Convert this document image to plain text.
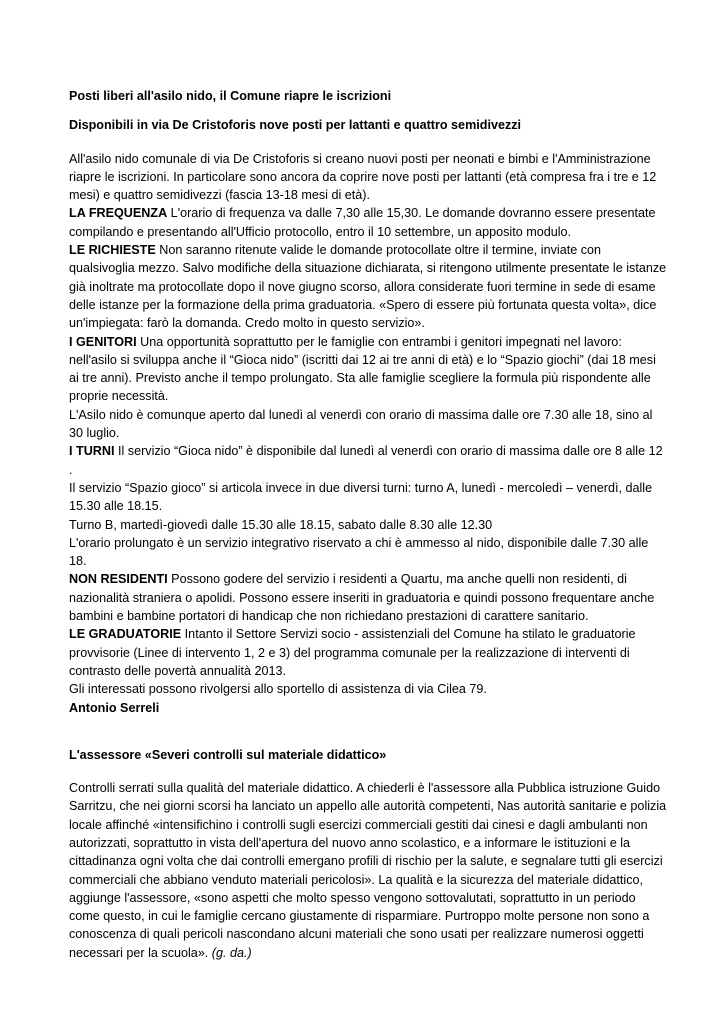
Posti liberi all'asilo nido, il Comune riapre le iscrizioni

Disponibili in via De Cristoforis nove posti per lattanti e quattro semidivezzi

All'asilo nido comunale di via De Cristoforis si creano nuovi posti per neonati e bimbi e l'Amministrazione riapre le iscrizioni. In particolare sono ancora da coprire nove posti per lattanti (età compresa fra i tre e 12 mesi) e quattro semidivezzi (fascia 13-18 mesi di età).

LA FREQUENZA L'orario di frequenza va dalle 7,30 alle 15,30. Le domande dovranno essere presentate compilando e presentando all'Ufficio protocollo, entro il 10 settembre, un apposito modulo.

LE RICHIESTE Non saranno ritenute valide le domande protocollate oltre il termine, inviate con qualsivoglia mezzo. Salvo modifiche della situazione dichiarata, si ritengono utilmente presentate le istanze già inoltrate ma protocollate dopo il nove giugno scorso, allora considerate fuori termine in sede di esame delle istanze per la formazione della prima graduatoria. «Spero di essere più fortunata questa volta», dice un'impiegata: farò la domanda. Credo molto in questo servizio».

I GENITORI Una opportunità soprattutto per le famiglie con entrambi i genitori impegnati nel lavoro: nell'asilo si sviluppa anche il “Gioca nido” (iscritti dai 12 ai tre anni di età) e lo “Spazio giochi” (dai 18 mesi ai tre anni). Previsto anche il tempo prolungato. Sta alle famiglie scegliere la formula più rispondente alle proprie necessità.

L'Asilo nido è comunque aperto dal lunedì al venerdì con orario di massima dalle ore 7.30 alle 18, sino al 30 luglio.

I TURNI Il servizio “Gioca nido” è disponibile dal lunedì al venerdì con orario di massima dalle ore 8 alle 12 .

Il servizio “Spazio gioco” si articola invece in due diversi turni: turno A, lunedì - mercoledì – venerdì, dalle 15.30 alle 18.15.

Turno B, martedì-giovedì dalle 15.30 alle 18.15, sabato dalle 8.30 alle 12.30

L'orario prolungato è un servizio integrativo riservato a chi è ammesso al nido, disponibile dalle 7.30 alle 18.

NON RESIDENTI Possono godere del servizio i residenti a Quartu, ma anche quelli non residenti, di nazionalità straniera o apolidi. Possono essere inseriti in graduatoria e quindi possono frequentare anche bambini e bambine portatori di handicap che non richiedano prestazioni di carattere sanitario.

LE GRADUATORIE Intanto il Settore Servizi socio - assistenziali del Comune ha stilato le graduatorie provvisorie (Linee di intervento 1, 2 e 3) del programma comunale per la realizzazione di interventi di contrasto delle povertà annualità 2013.

Gli interessati possono rivolgersi allo sportello di assistenza di via Cilea 79.

Antonio Serreli

L'assessore «Severi controlli sul materiale didattico»

Controlli serrati sulla qualità del materiale didattico. A chiederli è l'assessore alla Pubblica istruzione Guido Sarritzu, che nei giorni scorsi ha lanciato un appello alle autorità competenti, Nas autorità sanitarie e polizia locale affinché «intensifichino i controlli sugli esercizi commerciali gestiti dai cinesi e dagli ambulanti non autorizzati, soprattutto in vista dell'apertura del nuovo anno scolastico, e a informare le istituzioni e la cittadinanza ogni volta che dai controlli emergano profili di rischio per la salute, e segnalare tutti gli esercizi commerciali che abbiano venduto materiali pericolosi». La qualità e la sicurezza del materiale didattico, aggiunge l'assessore, «sono aspetti che molto spesso vengono sottovalutati, soprattutto in un periodo come questo, in cui le famiglie cercano giustamente di risparmiare. Purtroppo molte persone non sono a conoscenza di quali pericoli nascondano alcuni materiali che sono usati per realizzare numerosi oggetti necessari per la scuola». (g. da.)
